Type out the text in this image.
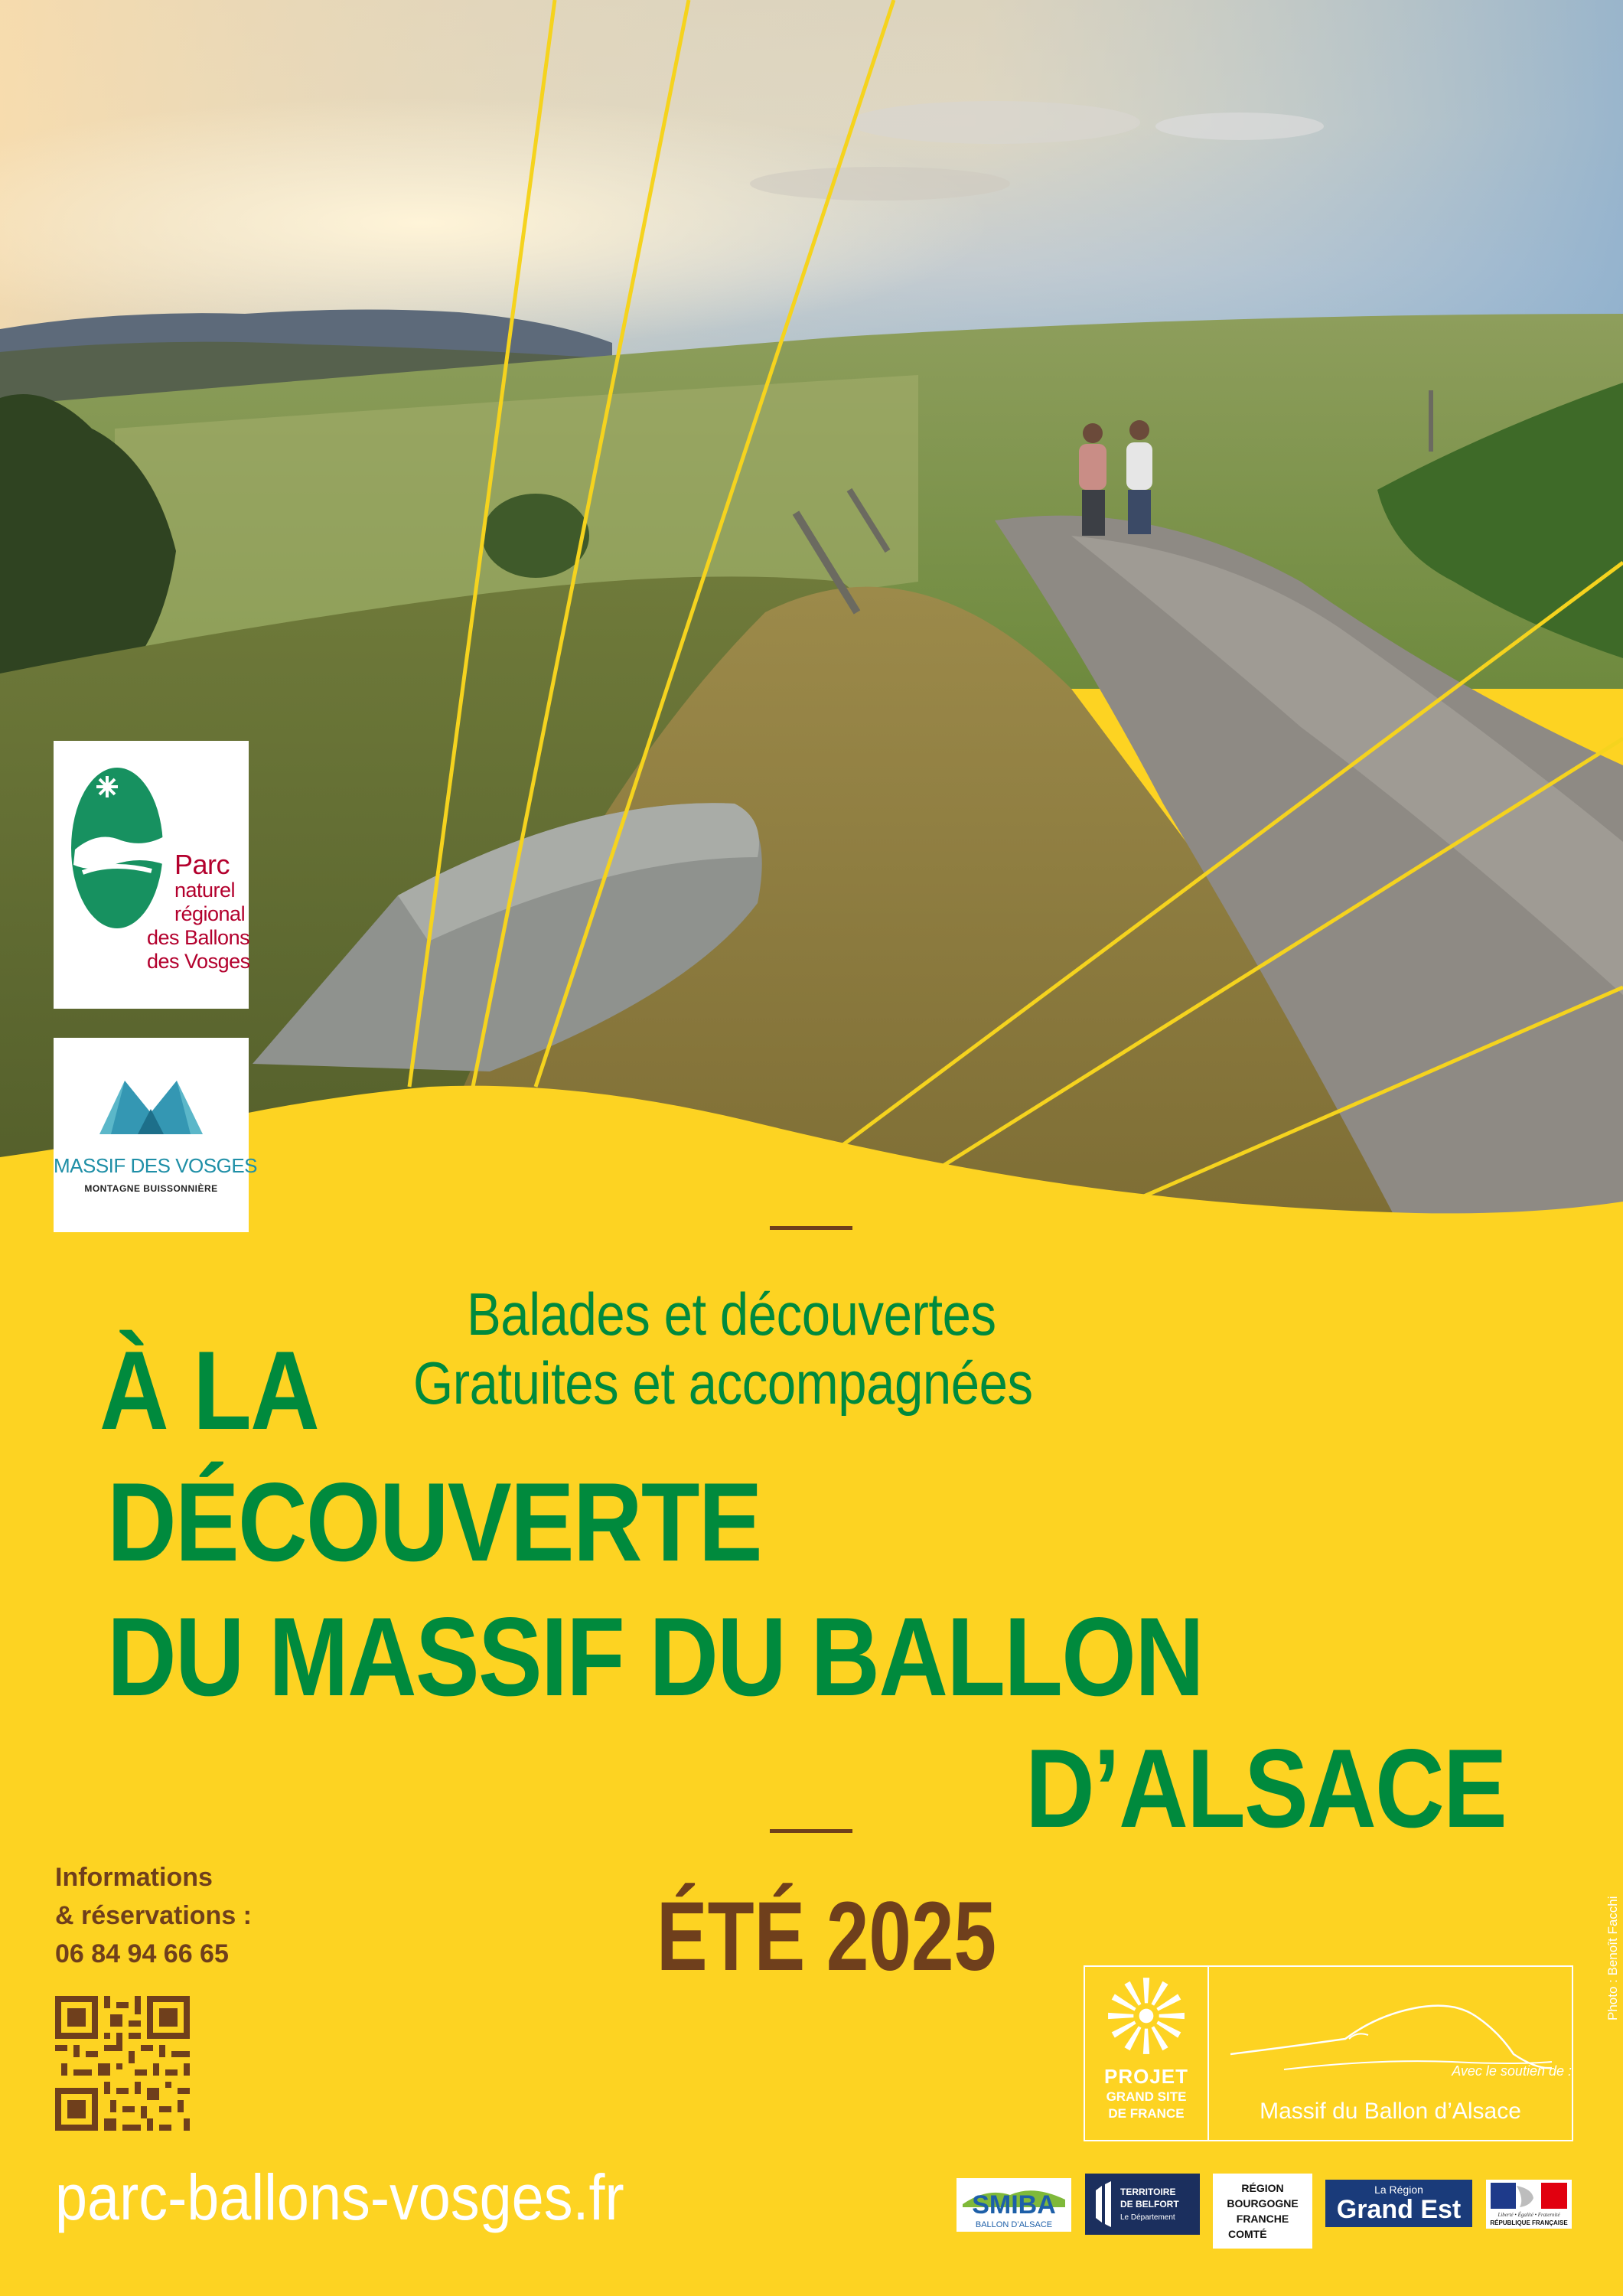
Parc
naturel
régional
des Ballons
des Vosges
MASSIF DES VOSGES
MONTAGNE BUISSONNIÈRE
Balades et découvertes
Gratuites et accompagnées
À LA
DÉCOUVERTE
DU MASSIF DU BALLON
D’ALSACE
ÉTÉ 2025
Informations
& réservations :
06 84 94 66 65
parc-ballons-vosges.fr
PROJET
GRAND SITE
DE FRANCE	Massif du Ballon d’Alsace
Photo : Benoît Facchi
Avec le soutien de :
SMIBA
BALLON D’ALSACE
TERRITOIRE
DE BELFORT
Le Département
RÉGION
BOURGOGNE
FRANCHE
COMTÉ
La Région
Grand Est	Liberté • Égalité • Fraternité
RÉPUBLIQUE FRANÇAISE
